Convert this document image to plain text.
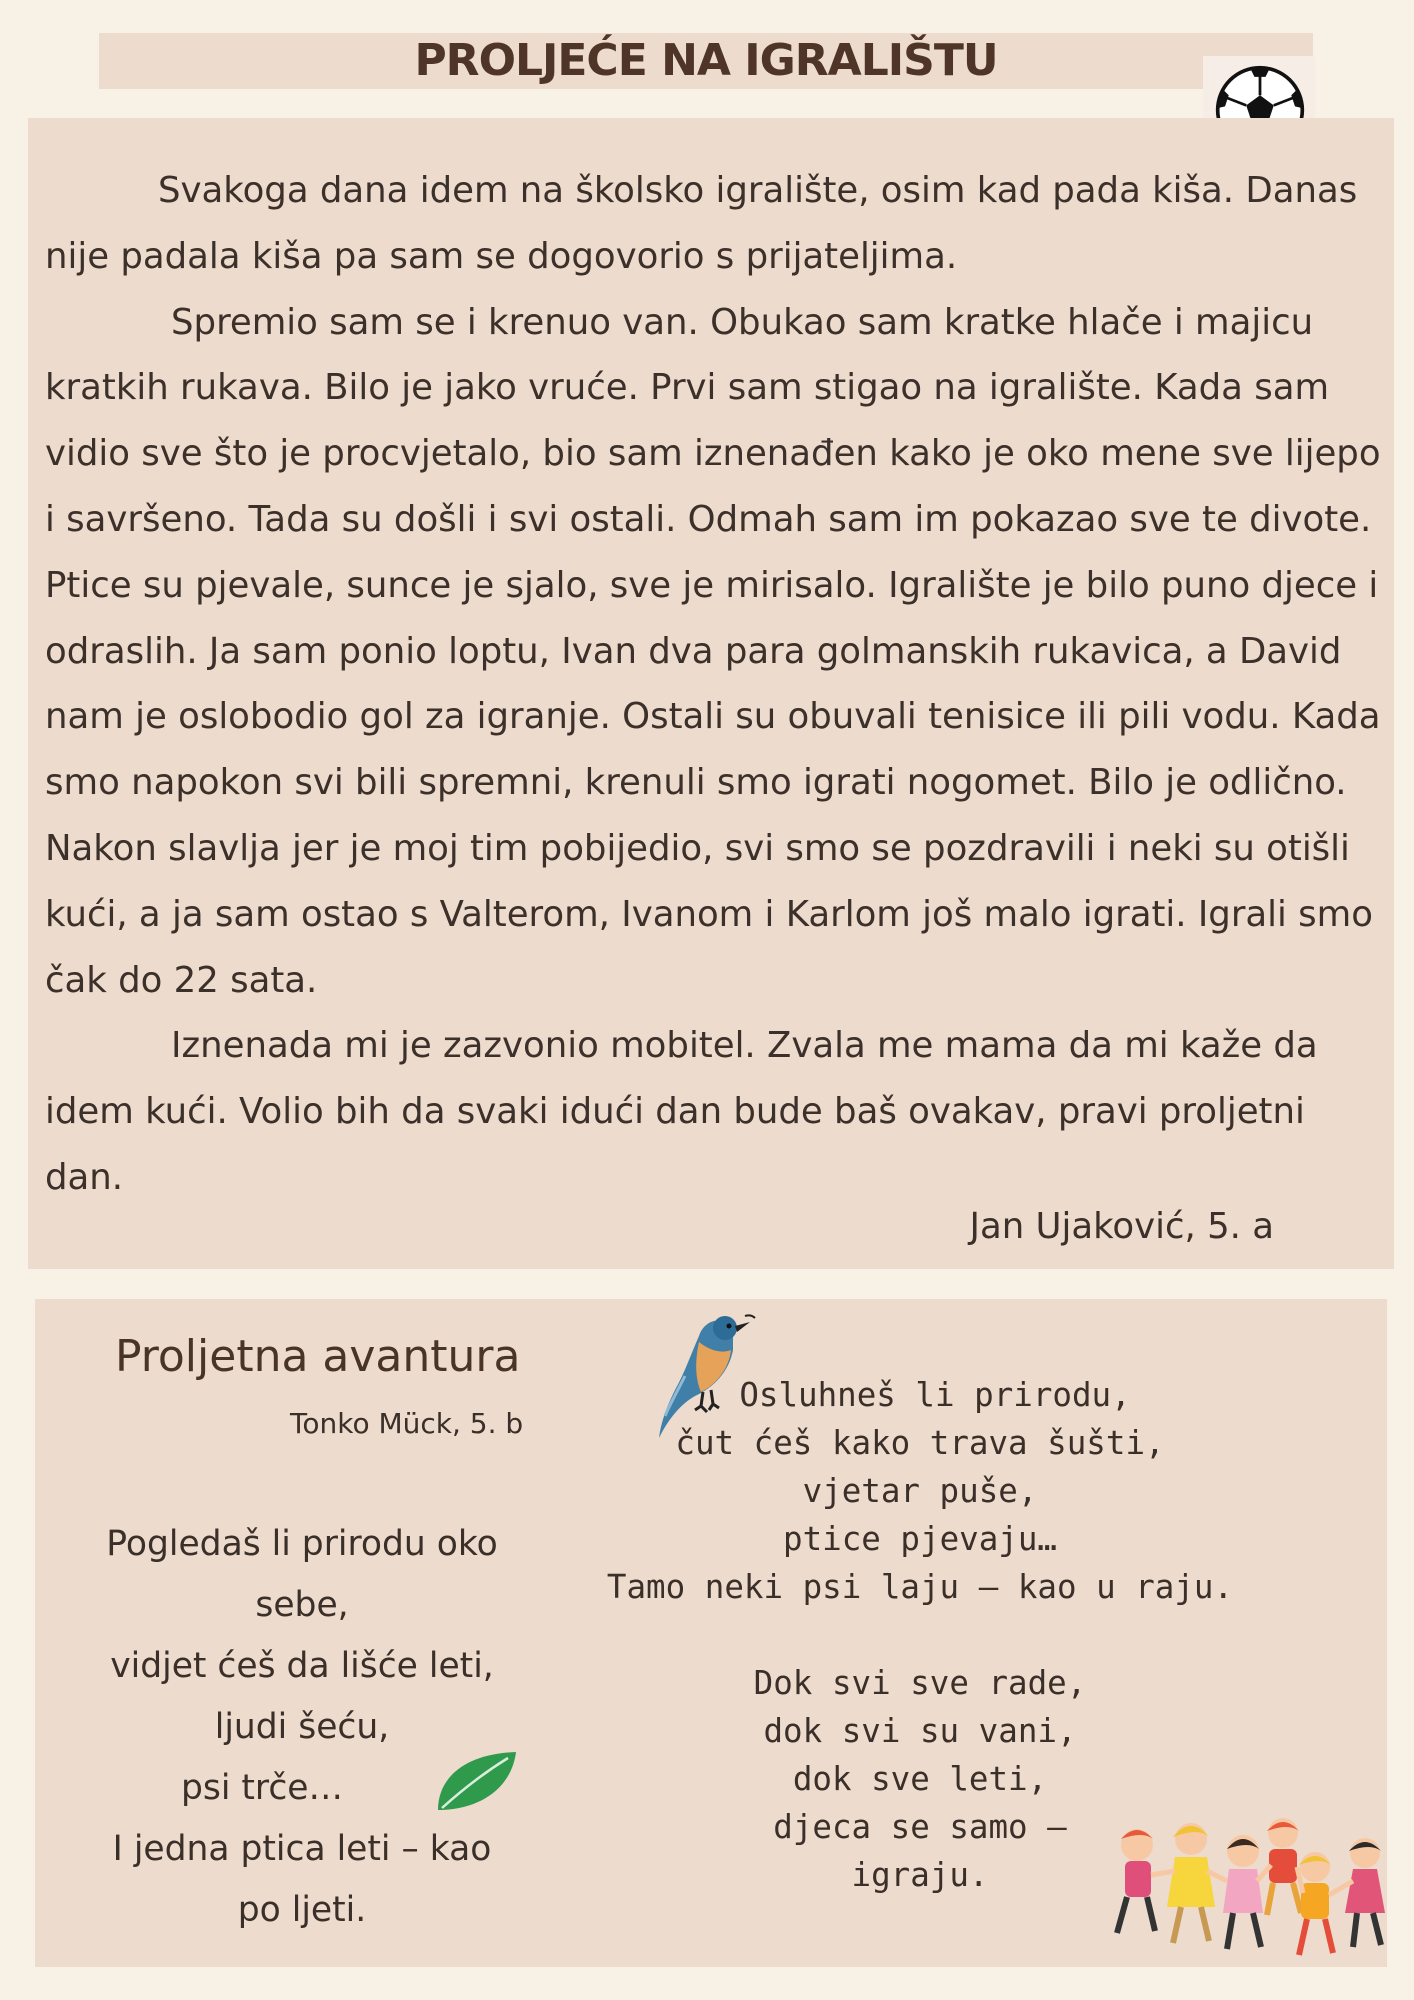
PROLJEĆE NA IGRALIŠTU

Svakoga dana idem na školsko igralište, osim kad pada kiša. Danas nije padala kiša pa sam se dogovorio s prijateljima.

Spremio sam se i krenuo van. Obukao sam kratke hlače i majicu kratkih rukava. Bilo je jako vruće. Prvi sam stigao na igralište. Kada sam vidio sve što je procvjetalo, bio sam iznenađen kako je oko mene sve lijepo i savršeno. Tada su došli i svi ostali. Odmah sam im pokazao sve te divote. Ptice su pjevale, sunce je sjalo, sve je mirisalo. Igralište je bilo puno djece i odraslih. Ja sam ponio loptu, Ivan dva para golmanskih rukavica, a David nam je oslobodio gol za igranje. Ostali su obuvali tenisice ili pili vodu. Kada smo napokon svi bili spremni, krenuli smo igrati nogomet. Bilo je odlično. Nakon slavlja jer je moj tim pobijedio, svi smo se pozdravili i neki su otišli kući, a ja sam ostao s Valterom, Ivanom i Karlom još malo igrati. Igrali smo čak do 22 sata.

Iznenada mi je zazvonio mobitel. Zvala me mama da mi kaže da idem kući. Volio bih da svaki idući dan bude baš ovakav, pravi proljetni dan.

Jan Ujaković, 5. a
Proljetna avantura
Tonko Mück, 5. b
Pogledaš li prirodu oko sebe,
vidjet ćeš da lišće leti,
ljudi šeću,
psi trče…
I jedna ptica leti – kao po ljeti.
Osluhneš li prirodu,
čut ćeš kako trava šušti,
vjetar puše,
ptice pjevaju…
Tamo neki psi laju – kao u raju.
Dok svi sve rade,
dok svi su vani,
dok sve leti,
djeca se samo –
igraju.
